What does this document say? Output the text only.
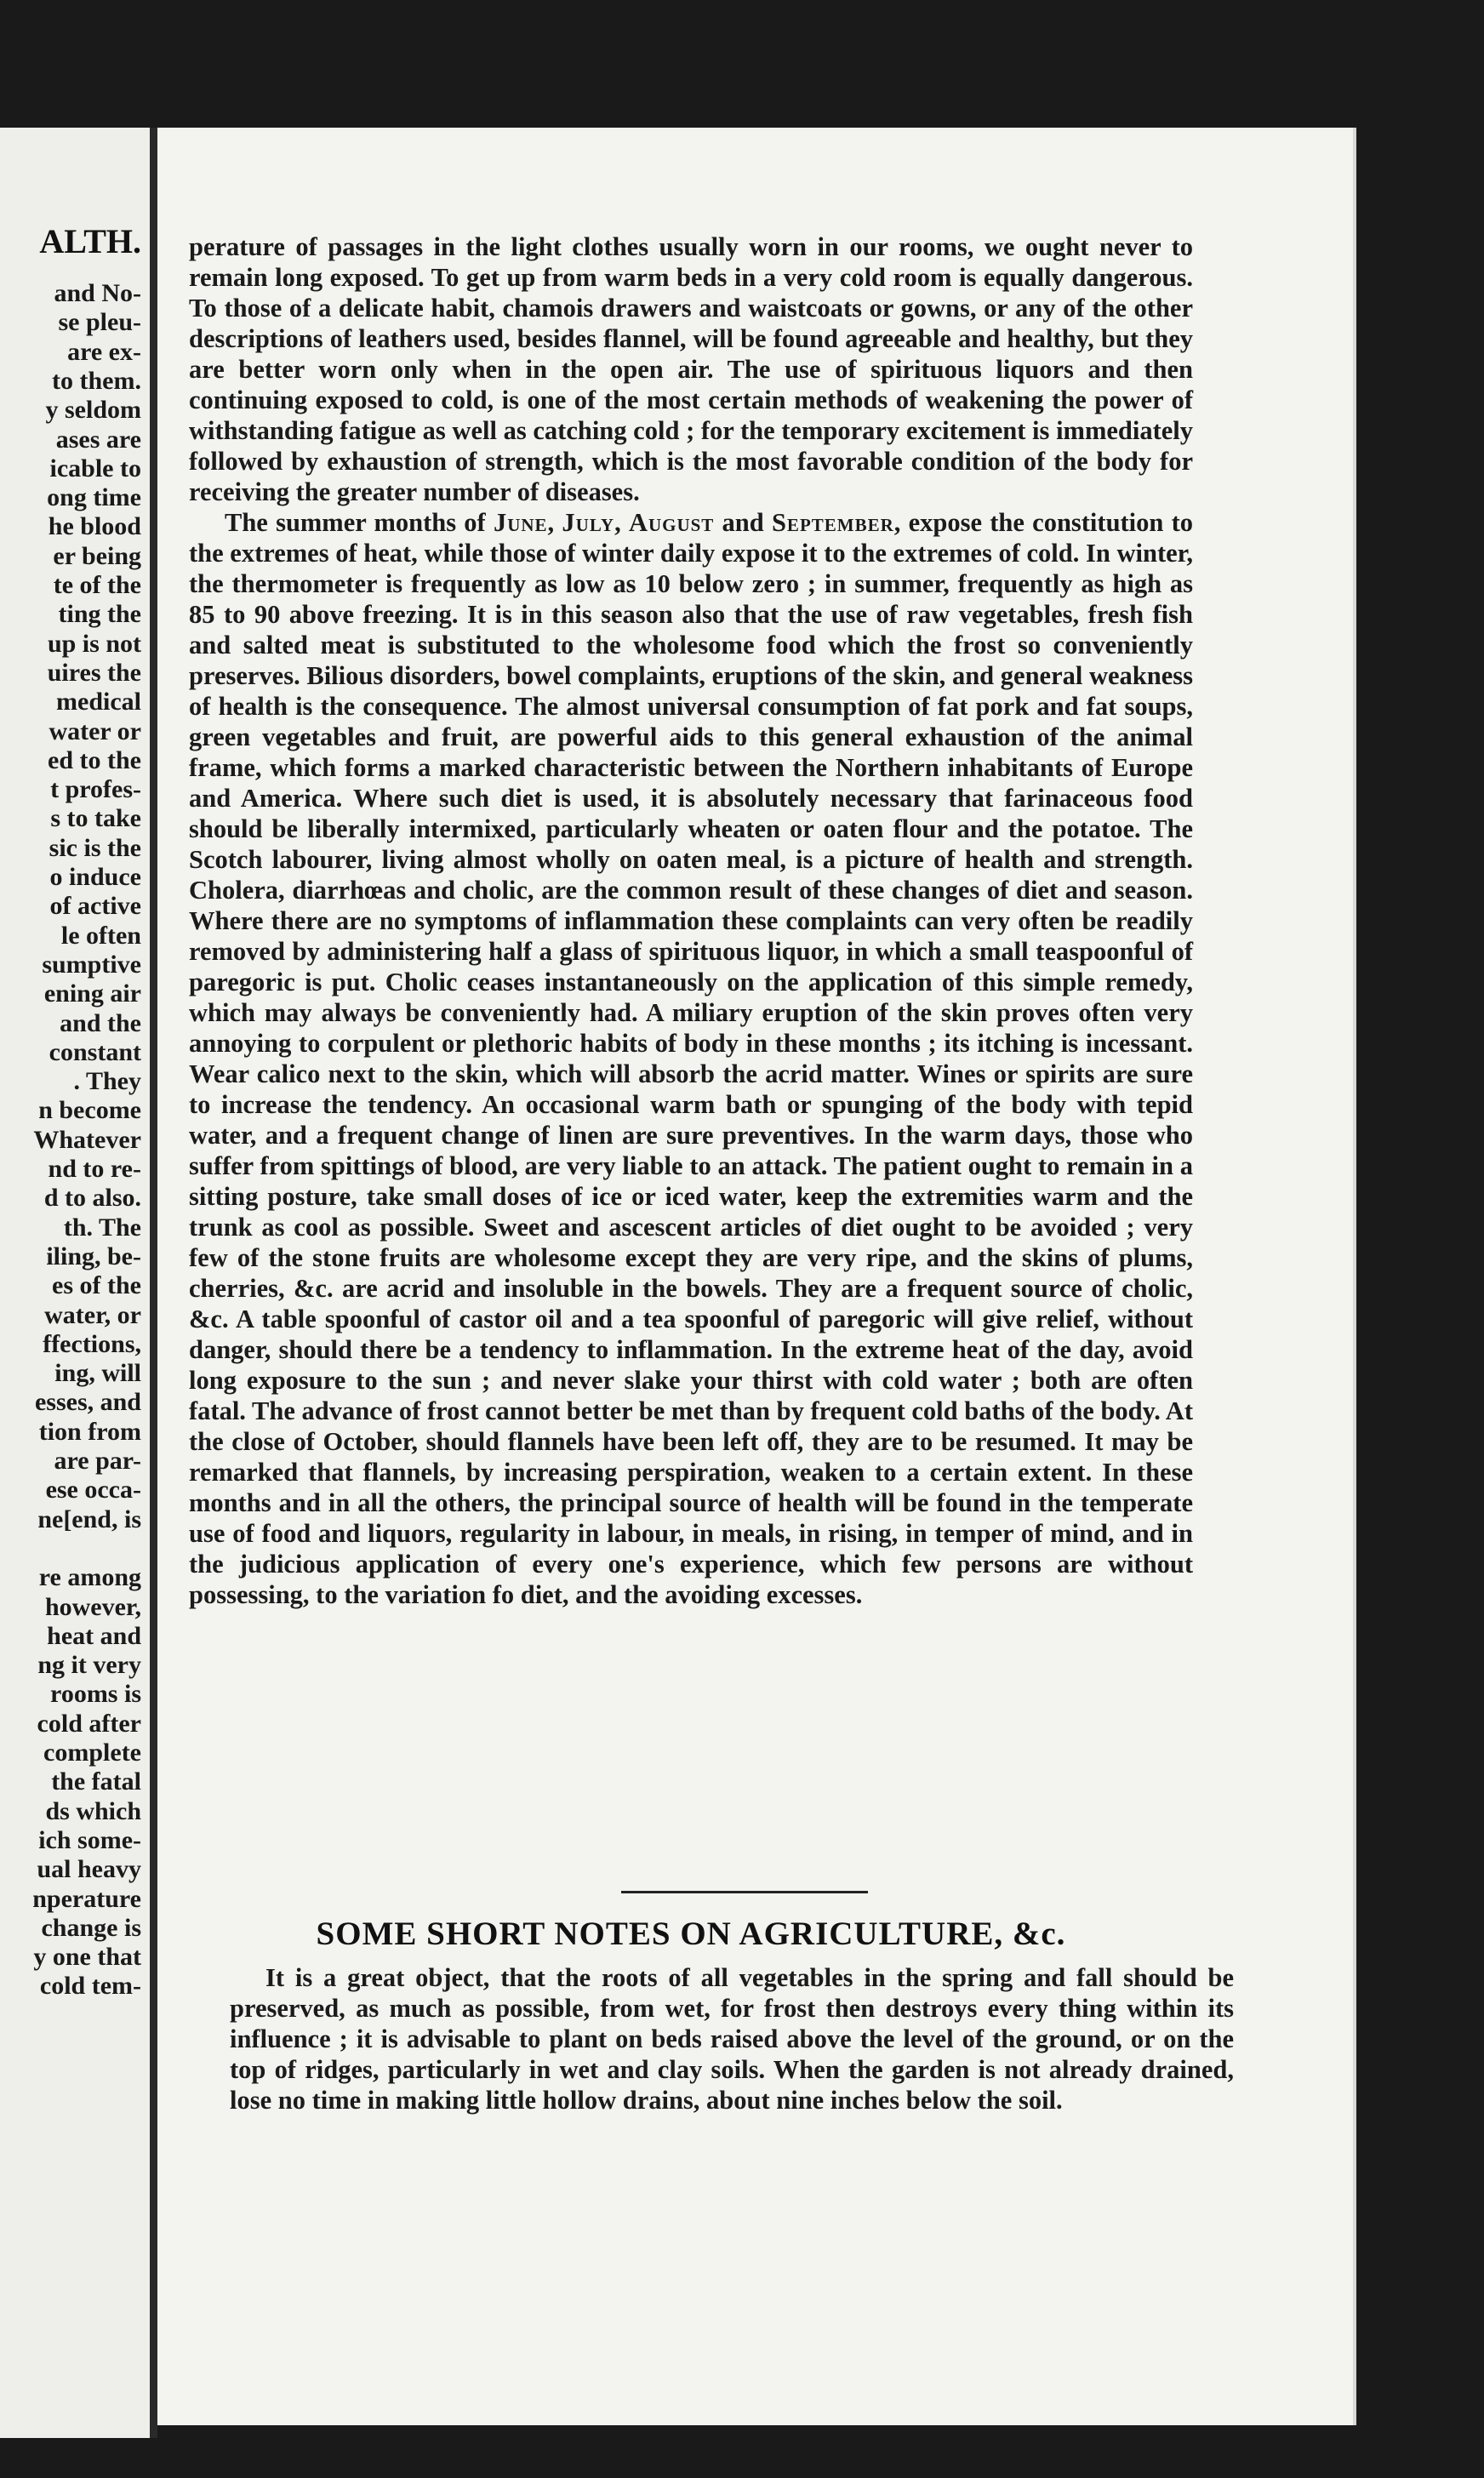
ALTH.
and No-
se pleu-
are ex-
to them.
y seldom
ases are
icable to
ong time
he blood
er being
te of the
ting the
up is not
uires the
medical
water or
ed to the
t profes-
s to take
sic is the
o induce
of active
le often
sumptive
ening air
and the
constant
. They
n become
Whatever
nd to re-
d to also.
th. The
iling, be-
es of the
water, or
ffections,
ing, will
esses, and
tion from
are par-
ese occa-
ne[end, is
re among
however,
heat and
ng it very
rooms is
cold after
complete
the fatal
ds which
ich some-
ual heavy
nperature
change is
y one that
cold tem-

perature of passages in the light clothes usually worn in our rooms, we ought never to remain long exposed. To get up from warm beds in a very cold room is equally dangerous. To those of a delicate habit, chamois drawers and waistcoats or gowns, or any of the other descriptions of leathers used, besides flannel, will be found agreeable and healthy, but they are better worn only when in the open air. The use of spirituous liquors and then continuing exposed to cold, is one of the most certain methods of weakening the power of withstanding fatigue as well as catching cold ; for the temporary excitement is immediately followed by exhaustion of strength, which is the most favorable condition of the body for receiving the greater number of diseases.

The summer months of June, July, August and September, expose the constitution to the extremes of heat, while those of winter daily expose it to the extremes of cold. In winter, the thermometer is frequently as low as 10 below zero ; in summer, frequently as high as 85 to 90 above freezing. It is in this season also that the use of raw vegetables, fresh fish and salted meat is substituted to the wholesome food which the frost so conveniently preserves. Bilious disorders, bowel complaints, eruptions of the skin, and general weakness of health is the consequence. The almost universal consumption of fat pork and fat soups, green vegetables and fruit, are powerful aids to this general exhaustion of the animal frame, which forms a marked characteristic between the Northern inhabitants of Europe and America. Where such diet is used, it is absolutely necessary that farinaceous food should be liberally intermixed, particularly wheaten or oaten flour and the potatoe. The Scotch labourer, living almost wholly on oaten meal, is a picture of health and strength. Cholera, diarrhœas and cholic, are the common result of these changes of diet and season. Where there are no symptoms of inflammation these complaints can very often be readily removed by administering half a glass of spirituous liquor, in which a small teaspoonful of paregoric is put. Cholic ceases instantaneously on the application of this simple remedy, which may always be conveniently had. A miliary eruption of the skin proves often very annoying to corpulent or plethoric habits of body in these months ; its itching is incessant. Wear calico next to the skin, which will absorb the acrid matter. Wines or spirits are sure to increase the tendency. An occasional warm bath or spunging of the body with tepid water, and a frequent change of linen are sure preventives. In the warm days, those who suffer from spittings of blood, are very liable to an attack. The patient ought to remain in a sitting posture, take small doses of ice or iced water, keep the extremities warm and the trunk as cool as possible. Sweet and ascescent articles of diet ought to be avoided ; very few of the stone fruits are wholesome except they are very ripe, and the skins of plums, cherries, &c. are acrid and insoluble in the bowels. They are a frequent source of cholic, &c. A table spoonful of castor oil and a tea spoonful of paregoric will give relief, without danger, should there be a tendency to inflammation. In the extreme heat of the day, avoid long exposure to the sun ; and never slake your thirst with cold water ; both are often fatal. The advance of frost cannot better be met than by frequent cold baths of the body. At the close of October, should flannels have been left off, they are to be resumed. It may be remarked that flannels, by increasing perspiration, weaken to a certain extent. In these months and in all the others, the principal source of health will be found in the temperate use of food and liquors, regularity in labour, in meals, in rising, in temper of mind, and in the judicious application of every one's experience, which few persons are without possessing, to the variation fo diet, and the avoiding excesses.

SOME SHORT NOTES ON AGRICULTURE, &c.

It is a great object, that the roots of all vegetables in the spring and fall should be preserved, as much as possible, from wet, for frost then destroys every thing within its influence ; it is advisable to plant on beds raised above the level of the ground, or on the top of ridges, particularly in wet and clay soils. When the garden is not already drained, lose no time in making little hollow drains, about nine inches below the soil.
